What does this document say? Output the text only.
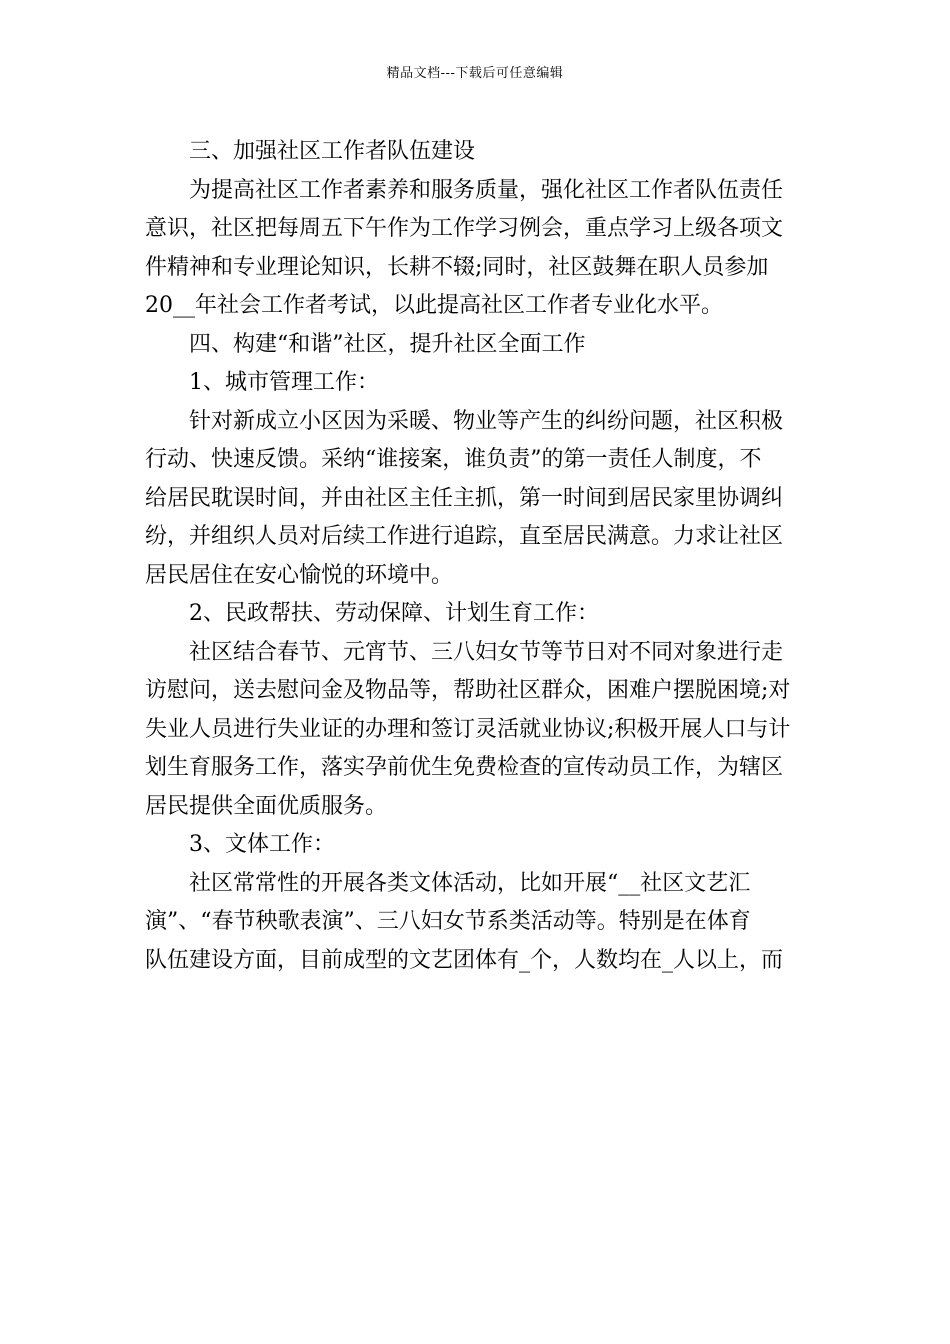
精品文档---下载后可任意编辑
三、加强社区工作者队伍建设
为提高社区工作者素养和服务质量，强化社区工作者队伍责任
意识，社区把每周五下午作为工作学习例会，重点学习上级各项文
件精神和专业理论知识，长耕不辍;同时，社区鼓舞在职人员参加
20__年社会工作者考试，以此提高社区工作者专业化水平。
四、构建“和谐”社区，提升社区全面工作
1、城市管理工作：
针对新成立小区因为采暖、物业等产生的纠纷问题，社区积极
行动、快速反馈。采纳“谁接案，谁负责”的第一责任人制度，不
给居民耽误时间，并由社区主任主抓，第一时间到居民家里协调纠
纷，并组织人员对后续工作进行追踪，直至居民满意。力求让社区
居民居住在安心愉悦的环境中。
2、民政帮扶、劳动保障、计划生育工作：
社区结合春节、元宵节、三八妇女节等节日对不同对象进行走
访慰问，送去慰问金及物品等，帮助社区群众，困难户摆脱困境;对
失业人员进行失业证的办理和签订灵活就业协议;积极开展人口与计
划生育服务工作，落实孕前优生免费检查的宣传动员工作，为辖区
居民提供全面优质服务。
3、文体工作：
社区常常性的开展各类文体活动，比如开展“__社区文艺汇
演”、“春节秧歌表演”、三八妇女节系类活动等。特别是在体育
队伍建设方面，目前成型的文艺团体有_个，人数均在_人以上，而
